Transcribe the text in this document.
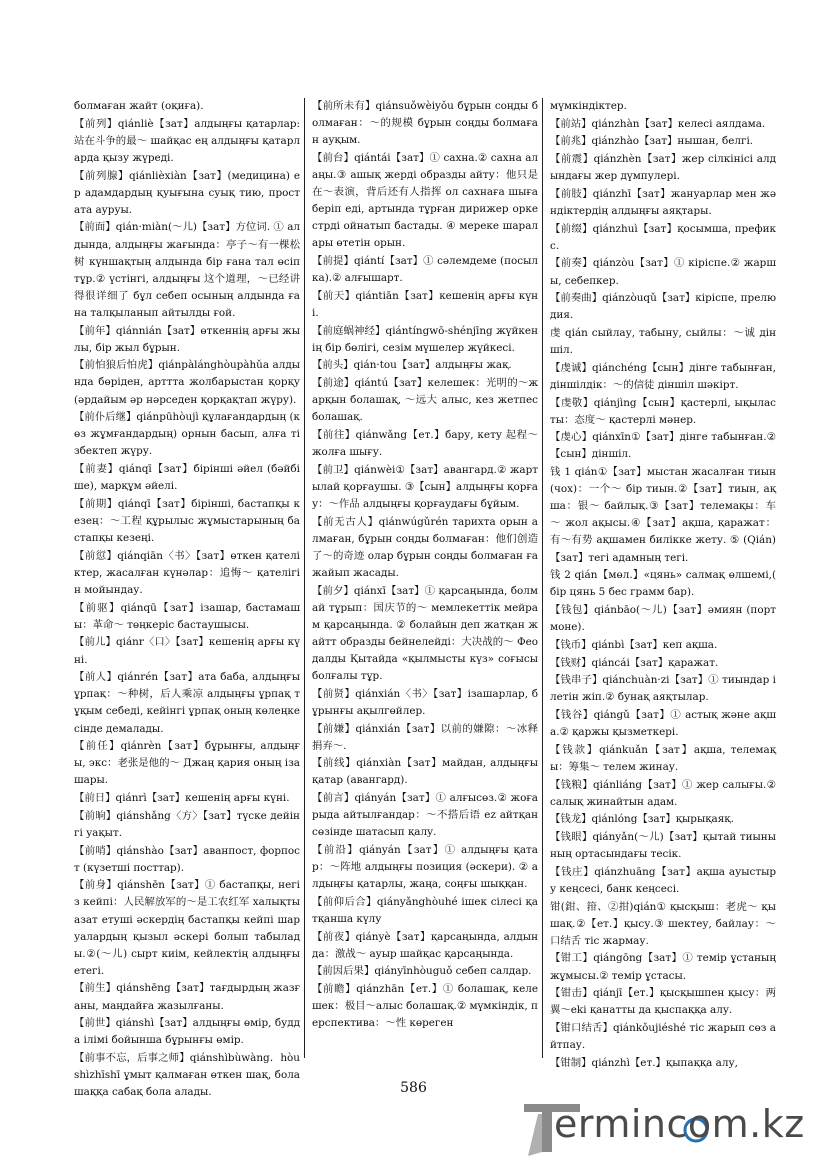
болмаған жайт (оқиға).
【前列】qiánliè【зат】алдыңғы қатарлар:站在斗争的最～ шайқас ең алдыңғы қатарларда қызу жүреді.
【前列腺】qiánlièxiàn【зат】(медицина) ер адамдардың қуығына суық тию, простата ауруы.
【前面】qián·miàn(～儿)【зат】方位词. ① алдында, алдыңғы жағында：亭子～有一棵松树 күншақтың алдында бір ғана тал өсіп тұр.② үстінгі, алдыңғы 这个道理，～已经讲得很详细了 бұл себеп осының алдында ғана талқыланып айтылды ғой.
【前年】qiánnián【зат】өткеннің арғы жылы, бір жыл бұрын.
【前怕狼后怕虎】qiánpàlánghòupàhǔa алдында бөріден, арттта жолбарыстан қорқу (әрдайым әр нәрседен қорқақтап жүру).
【前仆后继】qiánpūhòujì құлағандардың (көз жұмғандардың) орнын басып, алға тізбектеп жүру.
【前妻】qiánqī【зат】бірінші әйел (бәйбіше), марқұм әйелі.
【前期】qiánqī【зат】бірінші, бастапқы кезең：～工程 құрылыс жұмыстарының бастапқы кезеңі.
【前愆】qiánqiān〈书〉【зат】өткен қателіктер, жасалған күнәлар：追悔～ қателігін мойындау.
【前驱】qiánqū【зат】ізашар, бастамашы：革命～ төңкеріс бастаушысы.
【前儿】qiánr〈口〉【зат】кешенің арғы күні.
【前人】qiánrén【зат】ата баба, алдыңғы ұрпақ：～种树，后人乘凉 алдыңғы ұрпақ тұқым себеді, кейінгі ұрпақ оның көлеңкесінде демалады.
【前任】qiánrèn【зат】бұрынғы, алдыңғы, экс：老张是他的～ Джаң қария оның ізашары.
【前日】qiánrì【зат】кешенің арғы күні.
【前晌】qiánshǎng〈方〉【зат】түске дейінгі уақыт.
【前哨】qiánshào【зат】аванпост, форпост (күзетші посттар).
【前身】qiánshēn【зат】① бастапқы, негіз кейпі：人民解放军的～是工农红军 халықты азат етуші әскердің бастапқы кейпі шаруалардың қызыл әскері болып табылады.②(～儿) сырт киім, кейлектің алдыңғы етегі.
【前生】qiánshēng【зат】тағдырдың жазғаны, маңдайға жазылғаны.
【前世】qiánshì【зат】алдыңғы өмір, будда ілімі бойынша бұрынғы өмір.
【前事不忘，后事之师】qiánshìbùwàng．hòushìzhīshī ұмыт қалмаған өткен шақ, болашаққа сабақ бола алады.
【前所未有】qiánsuǒwèiyǒu бұрын соңды болмаған：～的规模 бұрын соңды болмаған ауқым.
【前台】qiántái【зат】① сахна.② сахна алаңы.③ ашық жерді образды айту：他只是在～表演，背后还有人指挥 ол сахнаға шыға беріп еді, артында тұрған дирижер оркестрді ойнатып бастады. ④ мереке шаралары өтетін орын.
【前提】qiántí【зат】① сәлемдеме (посылка).② алғышарт.
【前天】qiántiān【зат】кешенің арғы күні.
【前庭蜗神经】qiántíngwō-shénjīng жүйкенің бір бөлігі, сезім мүшелер жүйкесі.
【前头】qián·tou【зат】алдыңғы жақ.
【前途】qiántú【зат】келешек：光明的～жарқын болашақ, ～远大 алыс, кез жетпес болашақ.
【前往】qiánwǎng【ет.】бару, кету 起程～ жолға шығу.
【前卫】qiánwèi①【зат】авангард.② жартылай қорғаушы. ③【сын】алдыңғы қорғау：～作品 алдыңғы қорғаудағы бұйым.
【前无古人】qiánwúgǔrén тарихта орын алмаған, бұрын соңды болмаған：他们创造了～的奇迹 олар бұрын соңды болмаған ғажайып жасады.
【前夕】qiánxī【зат】① қарсаңында, болмай тұрып：国庆节的～ мемлекеттік мейрам қарсаңында. ② болайын деп жатқан жайтт образды бейнелейді：大决战的～ Феодалды Қытайда «қылмысты күз» соғысы болғалы тұр.
【前贤】qiánxián〈书〉【зат】ізашарлар, бұрынғы ақылгөйлер.
【前嫌】qiánxián【зат】以前的嫌隙：～冰释捐弃～.
【前线】qiánxiàn【зат】майдан, алдыңғы қатар (авангард).
【前言】qiányán【зат】① алғысөз.② жоғарыда айтылғандар：～不搭后语 ez айтқан сөзінде шатасып қалу.
【前沿】qiányán【зат】① алдыңғы қатар：～阵地 алдыңғы позиция (әскери). ② алдыңғы қатарлы, жаңа, соңғы шыққан.
【前仰后合】qiányǎnghòuhé ішек сілесі қатқанша күлу
【前夜】qiányè【зат】қарсаңында, алдында：激战～ ауыр шайқас қарсаңында.
【前因后果】qiányīnhòuguǒ себеп салдар.
【前瞻】qiánzhān【ет.】① болашақ, келешек：极目～алыс болашақ.② мүмкіндік, перспектива：～性 көреген
мүмкіндіктер.
【前站】qiánzhàn【зат】келесі аялдама.
【前兆】qiánzhào【зат】нышан, белгі.
【前震】qiánzhèn【зат】жер сілкінісі алдындағы жер дүмпулері.
【前肢】qiánzhī【зат】жануарлар мен жәндіктердің алдыңғы аяқтары.
【前缀】qiánzhuì【зат】қосымша, префикс.
【前奏】qiánzòu【зат】① кіріспе.② жаршы, себепкер.
【前奏曲】qiánzòuqǔ【зат】кіріспе, прелюдия.
虔 qián сыйлау, табыну, сыйлы：～诚 діншіл.
【虔诚】qiánchéng【сын】дінге табынған, діншілдік：～的信徒 діншіл шәкірт.
【虔敬】qiánjìng【сын】қастерлі, ықыласты：态度～ қастерлі мәнер.
【虔心】qiánxīn①【зат】дінге табынған.②【сын】діншіл.
钱 1 qián①【зат】мыстан жасалған тиын (чох)：一个～ бір тиын.②【зат】тиын, ақша：银～ байлық.③【зат】телемақы：车～ жол ақысы.④【зат】ақша, қаражат：有～有势 ақшамен билікке жету. ⑤ (Qián)【зат】тегі адамның тегі.
钱 2 qián【мөл.】«цянь» салмақ өлшемі,( бір цянь 5 бес грамм бар).
【钱包】qiánbāo(～儿)【зат】әмиян (портмоне).
【钱币】qiánbì【зат】кеп ақша.
【钱财】qiáncái【зат】қаражат.
【钱串子】qiánchuàn·zi【зат】① тиындар ілетін жіп.② бунақ аяқтылар.
【钱谷】qiángǔ【зат】① астық және ақша.② қаржы қызметкері.
【钱款】qiánkuǎn【зат】ақша, телемақы：筹集～ телем жинау.
【钱粮】qiánliáng【зат】① жер салығы.② салық жинайтын адам.
【钱龙】qiánlóng【зат】қырықаяқ.
【钱眼】qiányǎn(～儿)【зат】қытай тиынының ортасындағы тесік.
【钱庄】qiánzhuāng【зат】ақша ауыстыру кеңсесі, банк кеңсесі.
钳(鉗、箝、②拑)qián① қысқыш：老虎～ қышақ.②【ет.】қысу.③ шектеу, байлау：～口结舌 тіс жармау.
【钳工】qiángōng【зат】① темір ұстаның жұмысы.② темір ұстасы.
【钳击】qiánjī【ет.】қысқышпен қысу：两翼～ekі қанатты да қыспаққа алу.
【钳口结舌】qiánkǒujiéshé тіс жарып сөз айтпау.
【钳制】qiánzhì【ет.】қыпаққа алу,
586
ermincom.kz
